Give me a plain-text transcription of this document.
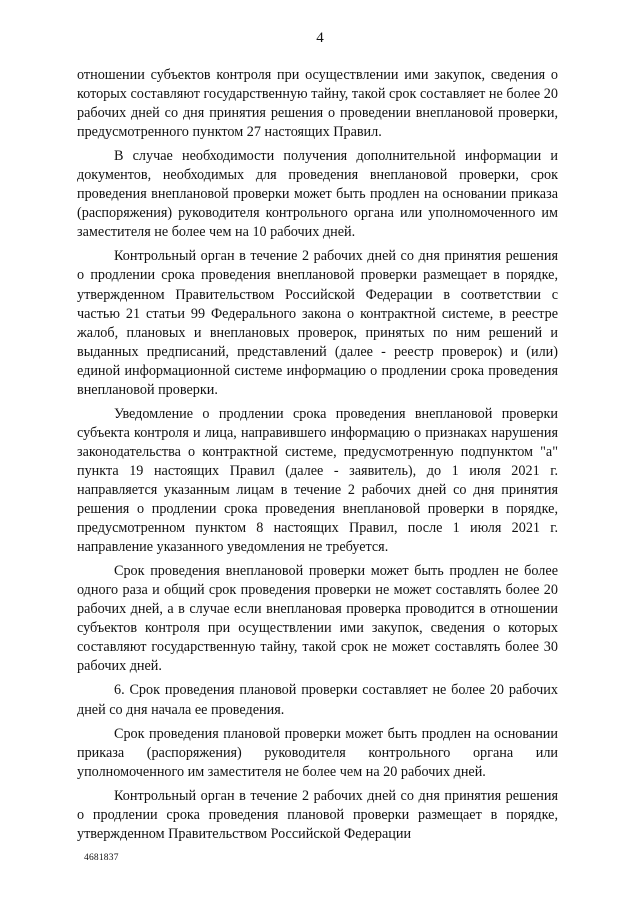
4

отношении субъектов контроля при осуществлении ими закупок, сведения о которых составляют государственную тайну, такой срок составляет не более 20 рабочих дней со дня принятия решения о проведении внеплановой проверки, предусмотренного пунктом 27 настоящих Правил.

В случае необходимости получения дополнительной информации и документов, необходимых для проведения внеплановой проверки, срок проведения внеплановой проверки может быть продлен на основании приказа (распоряжения) руководителя контрольного органа или уполномоченного им заместителя не более чем на 10 рабочих дней.

Контрольный орган в течение 2 рабочих дней со дня принятия решения о продлении срока проведения внеплановой проверки размещает в порядке, утвержденном Правительством Российской Федерации в соответствии с частью 21 статьи 99 Федерального закона о контрактной системе, в реестре жалоб, плановых и внеплановых проверок, принятых по ним решений и выданных предписаний, представлений (далее - реестр проверок) и (или) единой информационной системе информацию о продлении срока проведения внеплановой проверки.

Уведомление о продлении срока проведения внеплановой проверки субъекта контроля и лица, направившего информацию о признаках нарушения законодательства о контрактной системе, предусмотренную подпунктом "а" пункта 19 настоящих Правил (далее - заявитель), до 1 июля 2021 г. направляется указанным лицам в течение 2 рабочих дней со дня принятия решения о продлении срока проведения внеплановой проверки в порядке, предусмотренном пунктом 8 настоящих Правил, после 1 июля 2021 г. направление указанного уведомления не требуется.

Срок проведения внеплановой проверки может быть продлен не более одного раза и общий срок проведения проверки не может составлять более 20 рабочих дней, а в случае если внеплановая проверка проводится в отношении субъектов контроля при осуществлении ими закупок, сведения о которых составляют государственную тайну, такой срок не может составлять более 30 рабочих дней.

6. Срок проведения плановой проверки составляет не более 20 рабочих дней со дня начала ее проведения.

Срок проведения плановой проверки может быть продлен на основании приказа (распоряжения) руководителя контрольного органа или уполномоченного им заместителя не более чем на 20 рабочих дней.

Контрольный орган в течение 2 рабочих дней со дня принятия решения о продлении срока проведения плановой проверки размещает в порядке, утвержденном Правительством Российской Федерации

4681837
